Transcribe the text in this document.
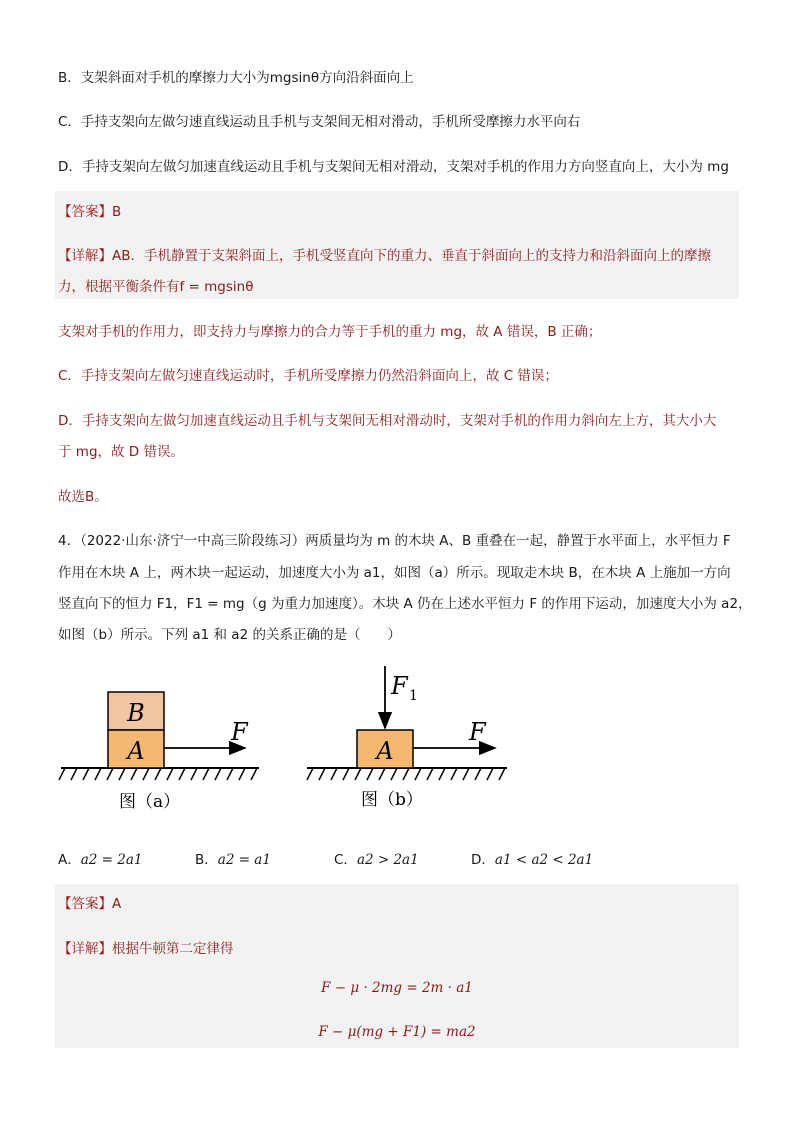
B．支架斜面对手机的摩擦力大小为mgsinθ方向沿斜面向上
C．手持支架向左做匀速直线运动且手机与支架间无相对滑动，手机所受摩擦力水平向右
D．手持支架向左做匀加速直线运动且手机与支架间无相对滑动，支架对手机的作用力方向竖直向上，大小为 mg
【答案】B
【详解】AB．手机静置于支架斜面上，手机受竖直向下的重力、垂直于斜面向上的支持力和沿斜面向上的摩擦
力，根据平衡条件有f = mgsinθ
支架对手机的作用力，即支持力与摩擦力的合力等于手机的重力 mg，故 A 错误，B 正确；
C．手持支架向左做匀速直线运动时，手机所受摩擦力仍然沿斜面向上，故 C 错误；
D．手持支架向左做匀加速直线运动且手机与支架间无相对滑动时，支架对手机的作用力斜向左上方，其大小大
于 mg，故 D 错误。
故选B。
4．（2022·山东·济宁一中高三阶段练习）两质量均为 m 的木块 A、B 重叠在一起，静置于水平面上，水平恒力 F
作用在木块 A 上，两木块一起运动，加速度大小为 a1，如图（a）所示。现取走木块 B，在木块 A 上施加一方向
竖直向下的恒力 F1，F1 = mg（g 为重力加速度）。木块 A 仍在上述水平恒力 F 的作用下运动，加速度大小为 a2，
如图（b）所示。下列 a1 和 a2 的关系正确的是（　　）
B
A
F
图（a）
A
F 1
F
图（b）
A．a2 = 2a1	B．a2 = a1	C．a2 > 2a1	D．a1 < a2 < 2a1
【答案】A
【详解】根据牛顿第二定律得
F − μ · 2mg = 2m · a1
F − μ(mg + F1) = ma2
